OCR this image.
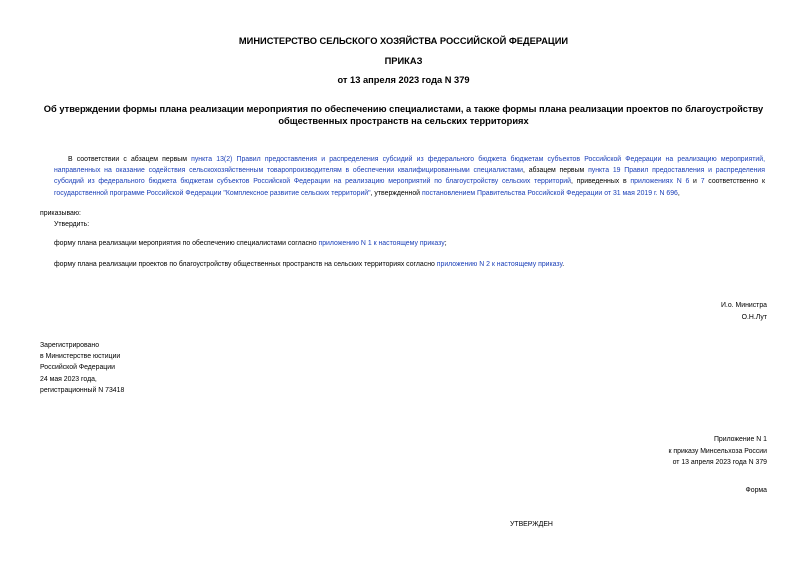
МИНИСТЕРСТВО СЕЛЬСКОГО ХОЗЯЙСТВА РОССИЙСКОЙ ФЕДЕРАЦИИ
ПРИКАЗ
от 13 апреля 2023 года N 379
Об утверждении формы плана реализации мероприятия по обеспечению специалистами, а также формы плана реализации проектов по благоустройству общественных пространств на сельских территориях
В соответствии с абзацем первым пункта 13(2) Правил предоставления и распределения субсидий из федерального бюджета бюджетам субъектов Российской Федерации на реализацию мероприятий, направленных на оказание содействия сельскохозяйственным товаропроизводителям в обеспечении квалифицированными специалистами, абзацем первым пункта 19 Правил предоставления и распределения субсидий из федерального бюджета бюджетам субъектов Российской Федерации на реализацию мероприятий по благоустройству сельских территорий, приведенных в приложениях N 6 и 7 соответственно к государственной программе Российской Федерации "Комплексное развитие сельских территорий", утвержденной постановлением Правительства Российской Федерации от 31 мая 2019 г. N 696,
приказываю:
Утвердить:
форму плана реализации мероприятия по обеспечению специалистами согласно приложению N 1 к настоящему приказу;
форму плана реализации проектов по благоустройству общественных пространств на сельских территориях согласно приложению N 2 к настоящему приказу.
И.о. Министра
О.Н.Лут
Зарегистрировано
в Министерстве юстиции
Российской Федерации
24 мая 2023 года,
регистрационный N 73418
Приложение N 1
к приказу Минсельхоза России
от 13 апреля 2023 года N 379
Форма
УТВЕРЖДЕН
